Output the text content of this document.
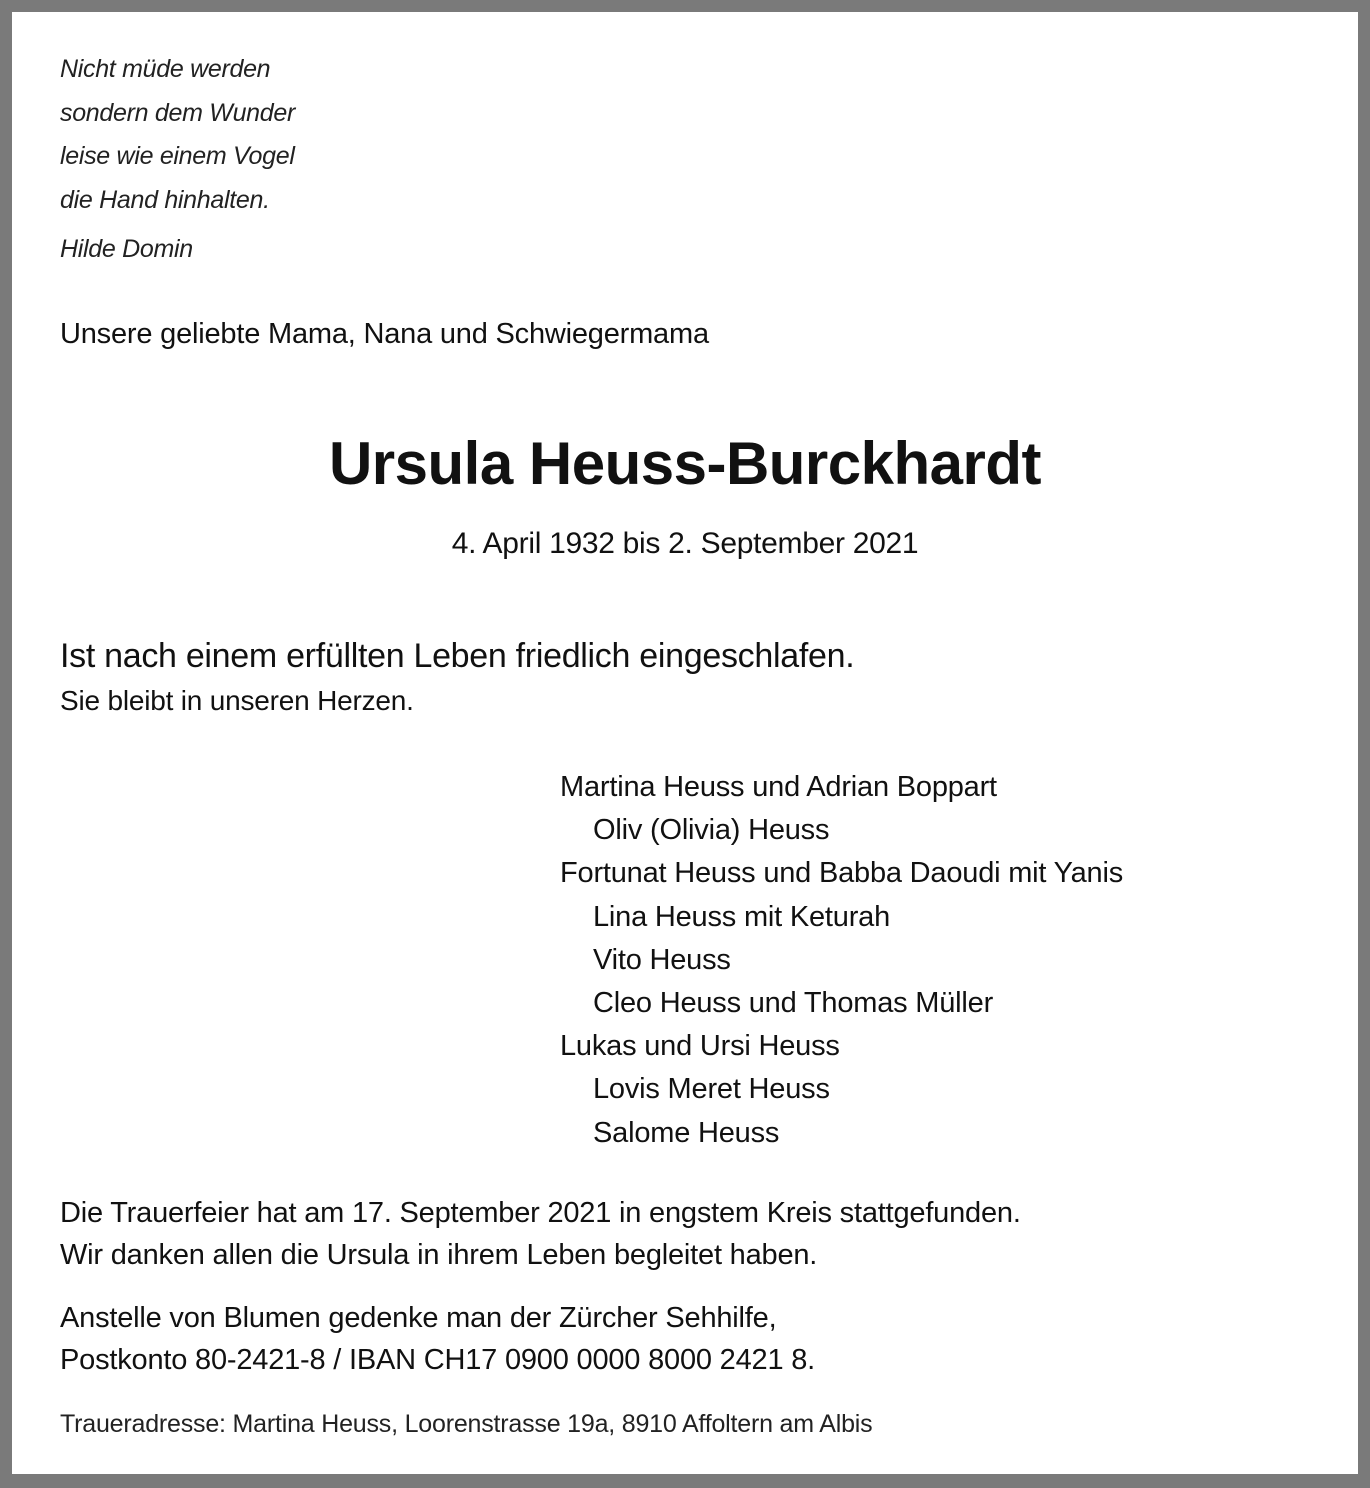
Nicht müde werden
sondern dem Wunder
leise wie einem Vogel
die Hand hinhalten.
Hilde Domin
Unsere geliebte Mama, Nana und Schwiegermama
Ursula Heuss-Burckhardt
4. April 1932 bis 2. September 2021
Ist nach einem erfüllten Leben friedlich eingeschlafen.
Sie bleibt in unseren Herzen.
Martina Heuss und Adrian Boppart
Oliv (Olivia) Heuss
Fortunat Heuss und Babba Daoudi mit Yanis
Lina Heuss mit Keturah
Vito Heuss
Cleo Heuss und Thomas Müller
Lukas und Ursi Heuss
Lovis Meret Heuss
Salome Heuss
Die Trauerfeier hat am 17. September 2021 in engstem Kreis stattgefunden.
Wir danken allen die Ursula in ihrem Leben begleitet haben.
Anstelle von Blumen gedenke man der Zürcher Sehhilfe,
Postkonto 80-2421-8 / IBAN CH17 0900 0000 8000 2421 8.
Traueradresse: Martina Heuss, Loorenstrasse 19a, 8910 Affoltern am Albis
